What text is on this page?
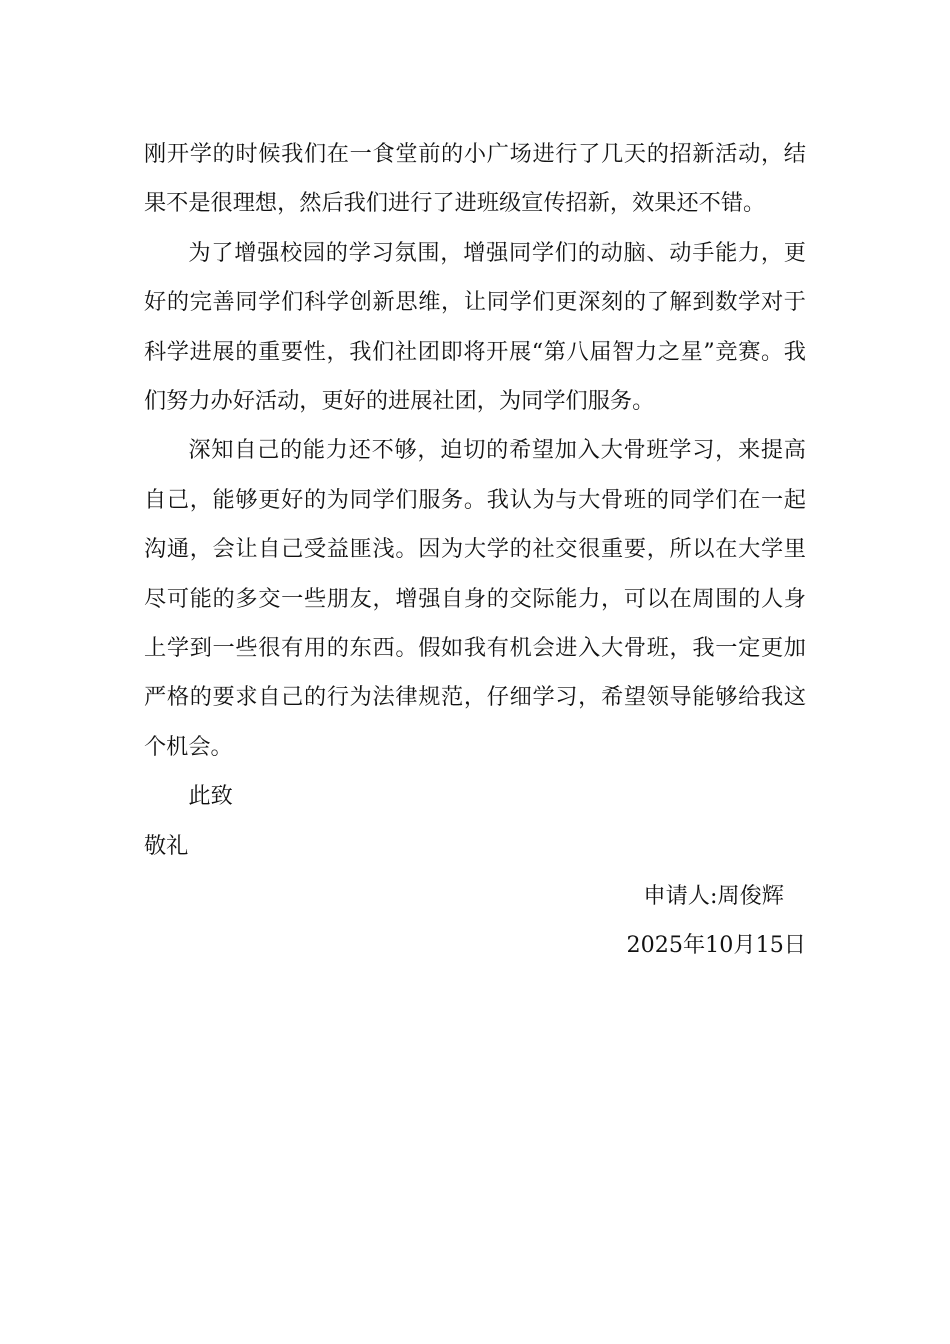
刚开学的时候我们在一食堂前的小广场进行了几天的招新活动，结果不是很理想，然后我们进行了进班级宣传招新，效果还不错。

为了增强校园的学习氛围，增强同学们的动脑、动手能力，更好的完善同学们科学创新思维，让同学们更深刻的了解到数学对于科学进展的重要性，我们社团即将开展“第八届智力之星”竞赛。我们努力办好活动，更好的进展社团，为同学们服务。

深知自己的能力还不够，迫切的希望加入大骨班学习，来提高自己，能够更好的为同学们服务。我认为与大骨班的同学们在一起沟通，会让自己受益匪浅。因为大学的社交很重要，所以在大学里尽可能的多交一些朋友，增强自身的交际能力，可以在周围的人身上学到一些很有用的东西。假如我有机会进入大骨班，我一定更加严格的要求自己的行为法律规范，仔细学习，希望领导能够给我这个机会。

此致

敬礼

申请人:周俊辉
2025年10月15日
